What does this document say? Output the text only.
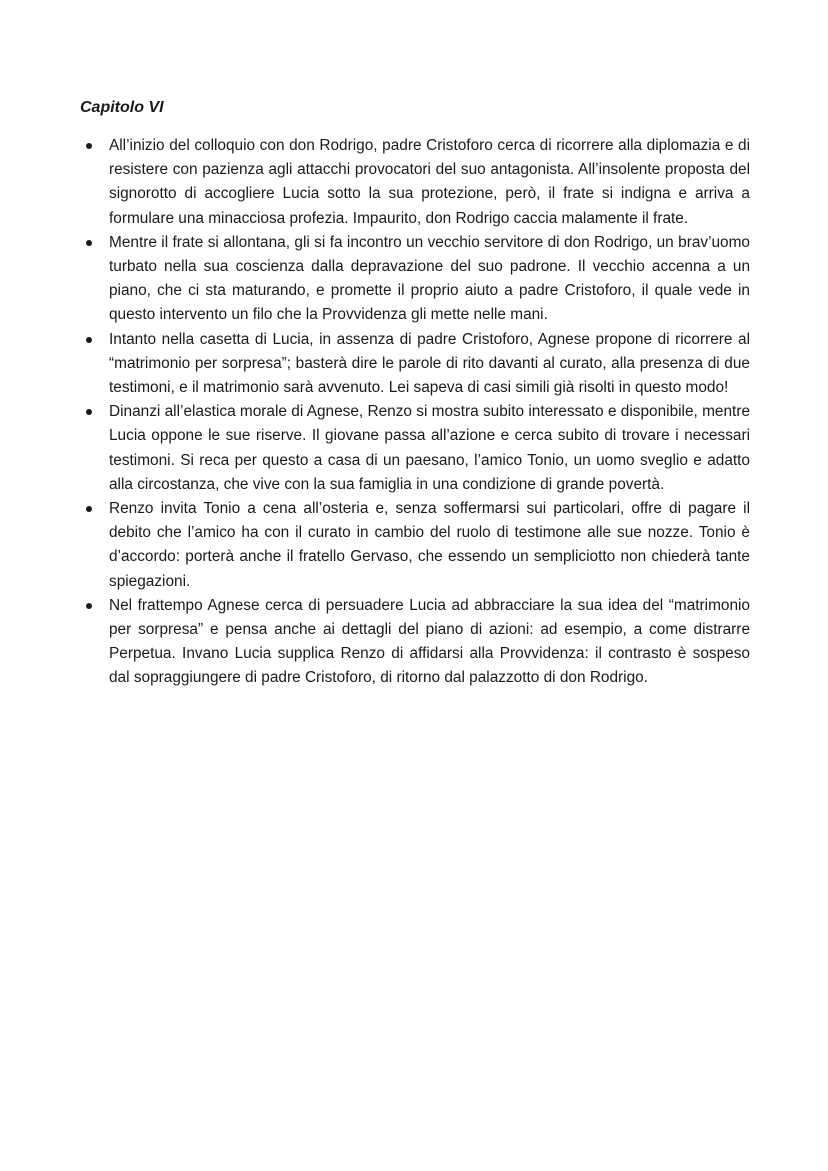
Capitolo VI
All’inizio del colloquio con don Rodrigo, padre Cristoforo cerca di ricorrere alla diplomazia e di resistere con pazienza agli attacchi provocatori del suo antagonista. All’insolente proposta del signorotto di accogliere Lucia sotto la sua protezione, però, il frate si indigna e arriva a formulare una minacciosa profezia. Impaurito, don Rodrigo caccia malamente il frate.
Mentre il frate si allontana, gli si fa incontro un vecchio servitore di don Rodrigo, un brav’uomo turbato nella sua coscienza dalla depravazione del suo padrone. Il vecchio accenna a un piano, che ci sta maturando, e promette il proprio aiuto a padre Cristoforo, il quale vede in questo intervento un filo che la Provvidenza gli mette nelle mani.
Intanto nella casetta di Lucia, in assenza di padre Cristoforo, Agnese propone di ricorrere al “matrimonio per sorpresa”; basterà dire le parole di rito davanti al curato, alla presenza di due testimoni, e il matrimonio sarà avvenuto. Lei sapeva di casi simili già risolti in questo modo!
Dinanzi all’elastica morale di Agnese, Renzo si mostra subito interessato e disponibile, mentre Lucia oppone le sue riserve. Il giovane passa all’azione e cerca subito di trovare i necessari testimoni. Si reca per questo a casa di un paesano, l’amico Tonio, un uomo sveglio e adatto alla circostanza, che vive con la sua famiglia in una condizione di grande povertà.
Renzo invita Tonio a cena all’osteria e, senza soffermarsi sui particolari, offre di pagare il debito che l’amico ha con il curato in cambio del ruolo di testimone alle sue nozze. Tonio è d’accordo: porterà anche il fratello Gervaso, che essendo un sempliciotto non chiederà tante spiegazioni.
Nel frattempo Agnese cerca di persuadere Lucia ad abbracciare la sua idea del “matrimonio per sorpresa” e pensa anche ai dettagli del piano di azioni: ad esempio, a come distrarre Perpetua. Invano Lucia supplica Renzo di affidarsi alla Provvidenza: il contrasto è sospeso dal sopraggiungere di padre Cristoforo, di ritorno dal palazzotto di don Rodrigo.
